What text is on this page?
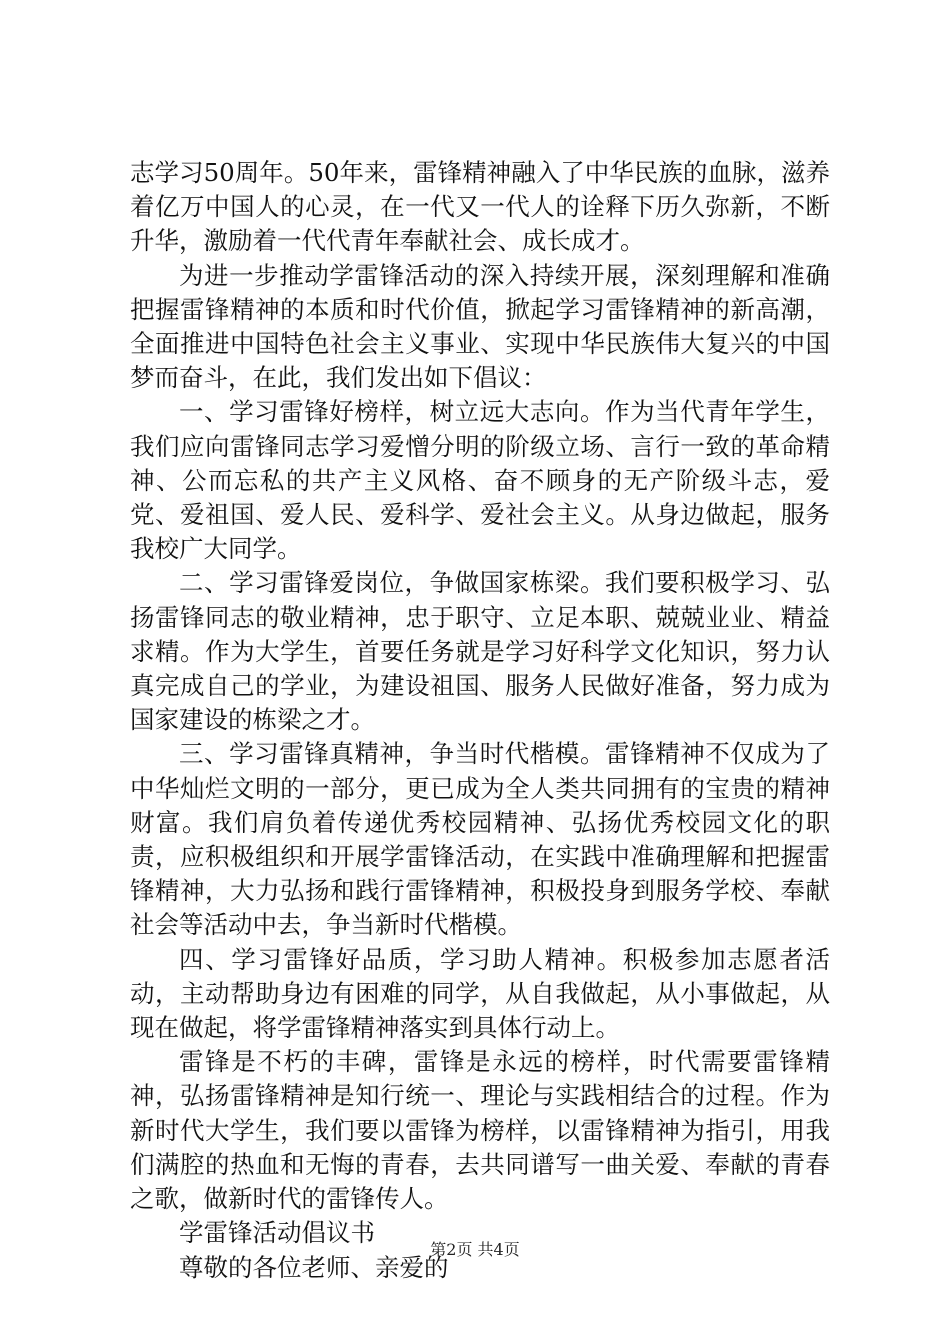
志学习50周年。50年来，雷锋精神融入了中华民族的血脉，滋养着亿万中国人的心灵，在一代又一代人的诠释下历久弥新，不断升华，激励着一代代青年奉献社会、成长成才。

为进一步推动学雷锋活动的深入持续开展，深刻理解和准确把握雷锋精神的本质和时代价值，掀起学习雷锋精神的新高潮，全面推进中国特色社会主义事业、实现中华民族伟大复兴的中国梦而奋斗，在此，我们发出如下倡议：

一、学习雷锋好榜样，树立远大志向。作为当代青年学生，我们应向雷锋同志学习爱憎分明的阶级立场、言行一致的革命精神、公而忘私的共产主义风格、奋不顾身的无产阶级斗志，爱党、爱祖国、爱人民、爱科学、爱社会主义。从身边做起，服务我校广大同学。

二、学习雷锋爱岗位，争做国家栋梁。我们要积极学习、弘扬雷锋同志的敬业精神，忠于职守、立足本职、兢兢业业、精益求精。作为大学生，首要任务就是学习好科学文化知识，努力认真完成自己的学业，为建设祖国、服务人民做好准备，努力成为国家建设的栋梁之才。

三、学习雷锋真精神，争当时代楷模。雷锋精神不仅成为了中华灿烂文明的一部分，更已成为全人类共同拥有的宝贵的精神财富。我们肩负着传递优秀校园精神、弘扬优秀校园文化的职责，应积极组织和开展学雷锋活动，在实践中准确理解和把握雷锋精神，大力弘扬和践行雷锋精神，积极投身到服务学校、奉献社会等活动中去，争当新时代楷模。

四、学习雷锋好品质，学习助人精神。积极参加志愿者活动，主动帮助身边有困难的同学，从自我做起，从小事做起，从现在做起，将学雷锋精神落实到具体行动上。

雷锋是不朽的丰碑，雷锋是永远的榜样，时代需要雷锋精神，弘扬雷锋精神是知行统一、理论与实践相结合的过程。作为新时代大学生，我们要以雷锋为榜样，以雷锋精神为指引，用我们满腔的热血和无悔的青春，去共同谱写一曲关爱、奉献的青春之歌，做新时代的雷锋传人。

学雷锋活动倡议书

尊敬的各位老师、亲爱的

第2页 共4页
